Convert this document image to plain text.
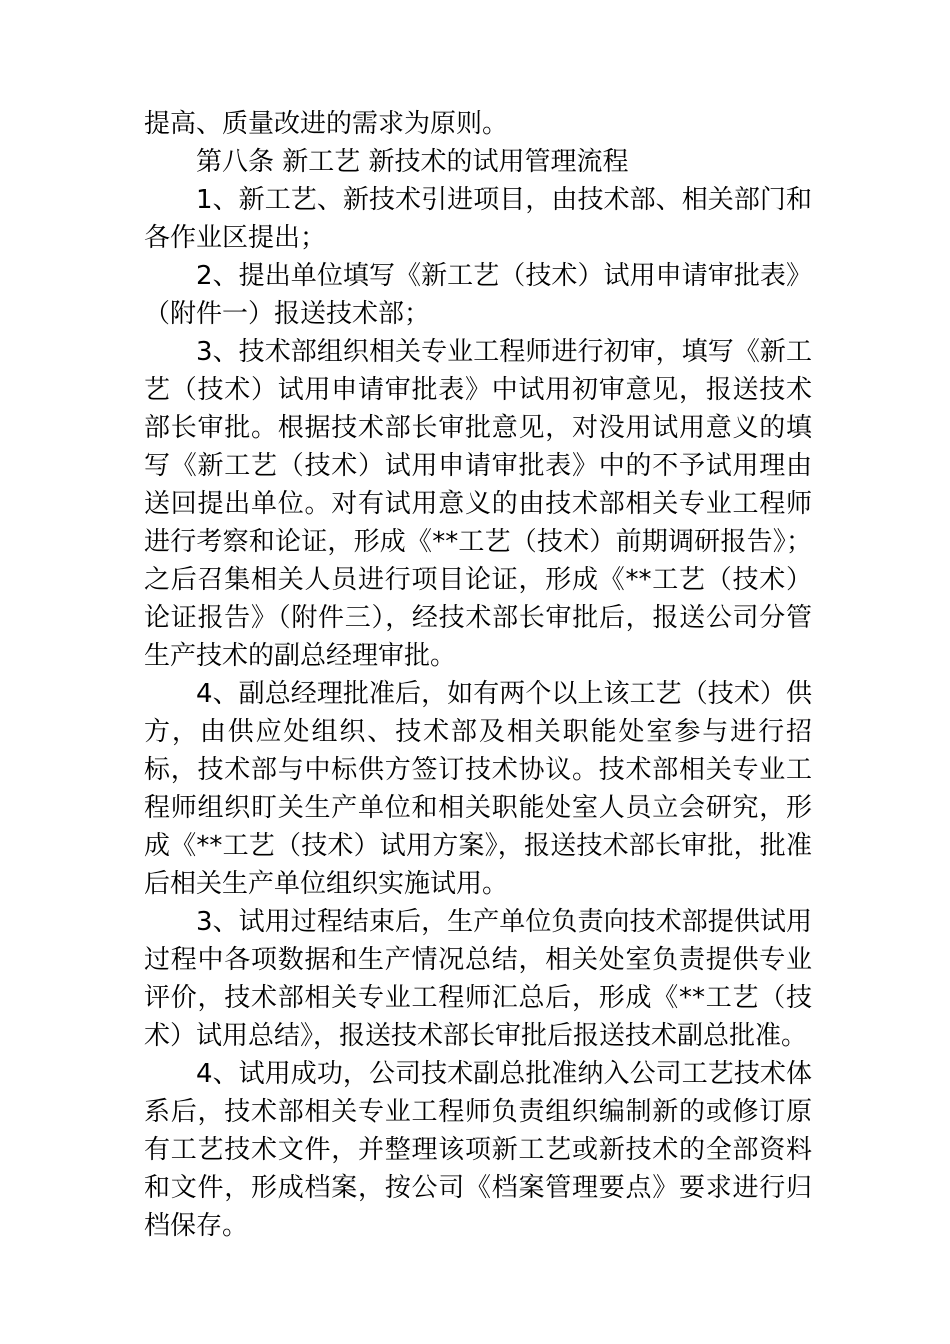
提高、质量改进的需求为原则。

第八条 新工艺 新技术的试用管理流程

1、新工艺、新技术引进项目，由技术部、相关部门和各作业区提出；

2、提出单位填写《新工艺（技术）试用申请审批表》（附件一）报送技术部；

3、技术部组织相关专业工程师进行初审，填写《新工艺（技术）试用申请审批表》中试用初审意见，报送技术部长审批。根据技术部长审批意见，对没用试用意义的填写《新工艺（技术）试用申请审批表》中的不予试用理由送回提出单位。对有试用意义的由技术部相关专业工程师进行考察和论证，形成《**工艺（技术）前期调研报告》；之后召集相关人员进行项目论证，形成《**工艺（技术）论证报告》（附件三），经技术部长审批后，报送公司分管生产技术的副总经理审批。

4、副总经理批准后，如有两个以上该工艺（技术）供方，由供应处组织、技术部及相关职能处室参与进行招标，技术部与中标供方签订技术协议。技术部相关专业工程师组织盯关生产单位和相关职能处室人员立会研究，形成《**工艺（技术）试用方案》，报送技术部长审批，批准后相关生产单位组织实施试用。

3、试用过程结束后，生产单位负责向技术部提供试用过程中各项数据和生产情况总结，相关处室负责提供专业评价，技术部相关专业工程师汇总后，形成《**工艺（技术）试用总结》，报送技术部长审批后报送技术副总批准。

4、试用成功，公司技术副总批准纳入公司工艺技术体系后，技术部相关专业工程师负责组织编制新的或修订原有工艺技术文件，并整理该项新工艺或新技术的全部资料和文件，形成档案，按公司《档案管理要点》要求进行归档保存。
